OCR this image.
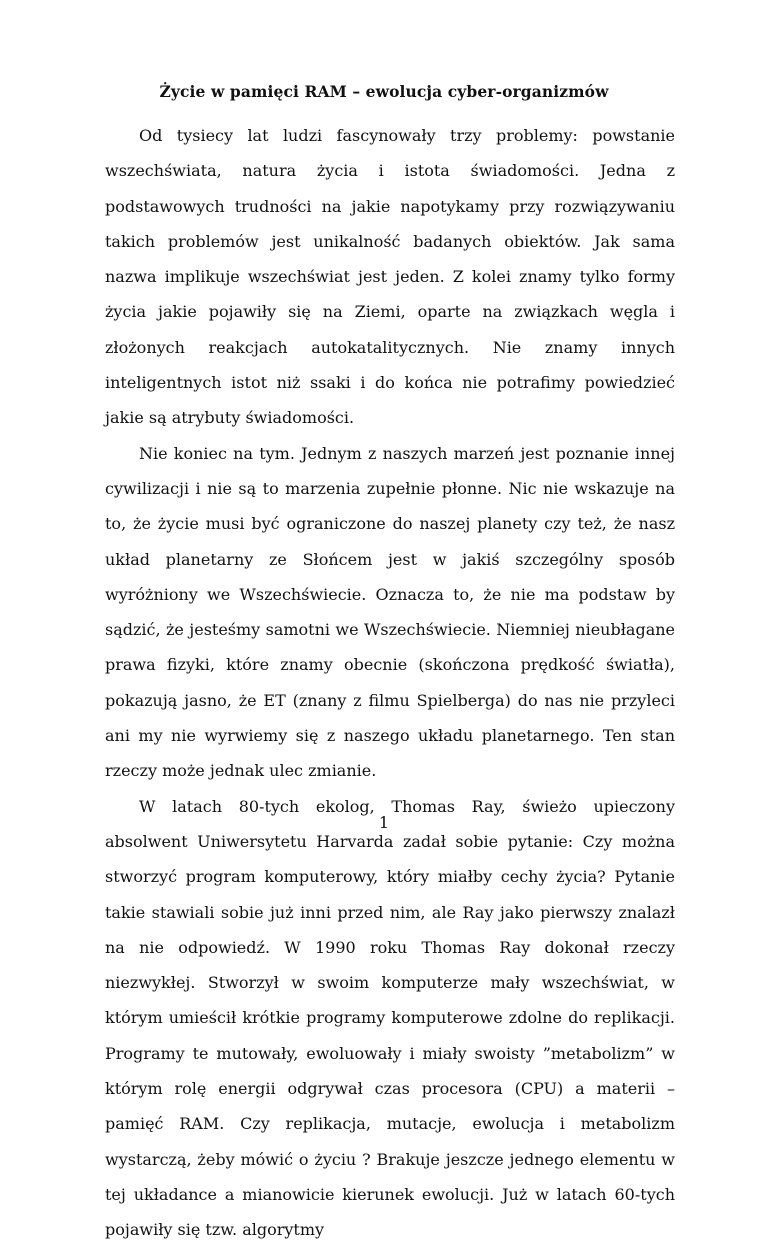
Życie w pamięci RAM – ewolucja cyber-organizmów

Od tysiecy lat ludzi fascynowały trzy problemy: powstanie wszechświata, natura życia i istota świadomości. Jedna z podstawowych trudności na jakie napotykamy przy rozwiązywaniu takich problemów jest unikalność badanych obiektów. Jak sama nazwa implikuje wszechświat jest jeden. Z kolei znamy tylko formy życia jakie pojawiły się na Ziemi, oparte na związkach węgla i złożonych reakcjach autokatalitycznych. Nie znamy innych inteligentnych istot niż ssaki i do końca nie potrafimy powiedzieć jakie są atrybuty świadomości.

Nie koniec na tym. Jednym z naszych marzeń jest poznanie innej cywilizacji i nie są to marzenia zupełnie płonne. Nic nie wskazuje na to, że życie musi być ograniczone do naszej planety czy też, że nasz układ planetarny ze Słońcem jest w jakiś szczególny sposób wyróżniony we Wszechświecie. Oznacza to, że nie ma podstaw by sądzić, że jesteśmy samotni we Wszechświecie. Niemniej nieubłagane prawa fizyki, które znamy obecnie (skończona prędkość światła), pokazują jasno, że ET (znany z filmu Spielberga) do nas nie przyleci ani my nie wyrwiemy się z naszego układu planetarnego. Ten stan rzeczy może jednak ulec zmianie.

W latach 80-tych ekolog, Thomas Ray, świeżo upieczony absolwent Uniwersytetu Harvarda zadał sobie pytanie: Czy można stworzyć program komputerowy, który miałby cechy życia? Pytanie takie stawiali sobie już inni przed nim, ale Ray jako pierwszy znalazł na nie odpowiedź. W 1990 roku Thomas Ray dokonał rzeczy niezwykłej. Stworzył w swoim komputerze mały wszechświat, w którym umieścił krótkie programy komputerowe zdolne do replikacji. Programy te mutowały, ewoluowały i miały swoisty ”metabolizm” w którym rolę energii odgrywał czas procesora (CPU) a materii – pamięć RAM. Czy replikacja, mutacje, ewolucja i metabolizm wystarczą, żeby mówić o życiu ? Brakuje jeszcze jednego elementu w tej układance a mianowicie kierunek ewolucji. Już w latach 60-tych pojawiły się tzw. algorytmy

1
